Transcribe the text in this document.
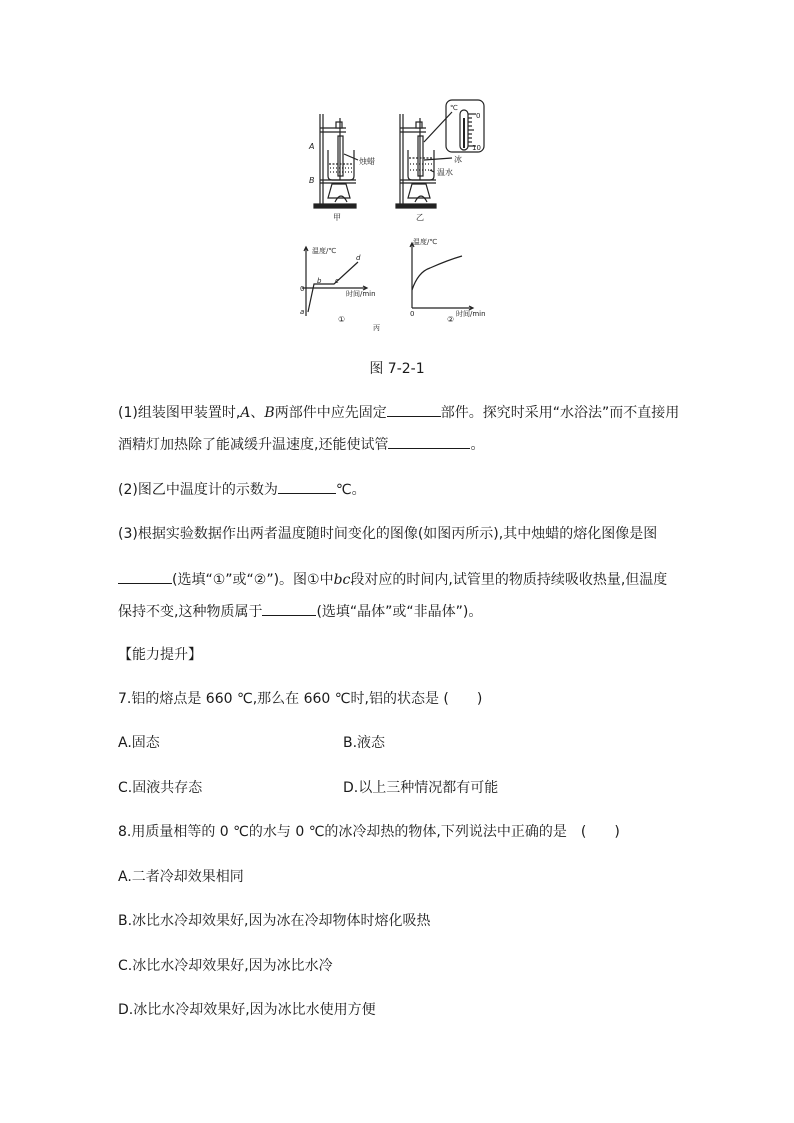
A
B
烛蜡
甲
冰
温水
乙
℃
0
10
温度/℃
时间/min
0
a
b c
d
①
温度/℃
时间/min
0
②
丙
图 7-2-1
(1)组装图甲装置时,A、B两部件中应先固定	部件。探究时采用“水浴法”而不直接用
酒精灯加热除了能减缓升温速度,还能使试管	。
(2)图乙中温度计的示数为	℃。
(3)根据实验数据作出两者温度随时间变化的图像(如图丙所示),其中烛蜡的熔化图像是图
(选填“①”或“②”)。图①中bc段对应的时间内,试管里的物质持续吸收热量,但温度
保持不变,这种物质属于	(选填“晶体”或“非晶体”)。
【能力提升】
7.铝的熔点是 660 ℃,那么在 660 ℃时,铝的状态是 (　　)
A.固态	B.液态
C.固液共存态	D.以上三种情况都有可能
8.用质量相等的 0 ℃的水与 0 ℃的冰冷却热的物体,下列说法中正确的是　(　　)
A.二者冷却效果相同
B.冰比水冷却效果好,因为冰在冷却物体时熔化吸热
C.冰比水冷却效果好,因为冰比水冷
D.冰比水冷却效果好,因为冰比水使用方便
